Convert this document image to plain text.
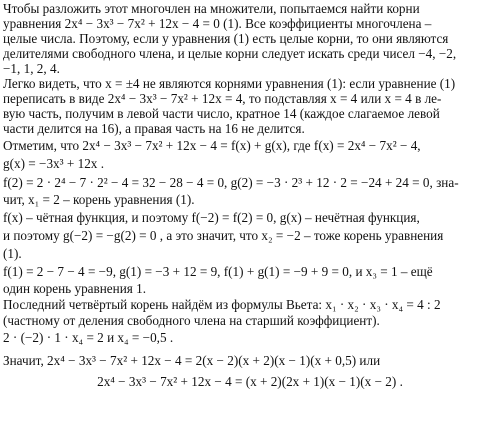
Чтобы разложить этот многочлен на множители, попытаемся найти корни
уравнения 2x⁴ − 3x³ − 7x² + 12x − 4 = 0 (1). Все коэффициенты многочлена –
целые числа. Поэтому, если у уравнения (1) есть целые корни, то они являются
делителями свободного члена, и целые корни следует искать среди чисел −4, −2,
−1, 1, 2, 4.
Легко видеть, что x = ±4 не являются корнями уравнения (1): если уравнение (1)
переписать в виде 2x⁴ − 3x³ − 7x² + 12x = 4, то подставляя x = 4 или x = 4 в ле-
вую часть, получим в левой части число, кратное 14 (каждое слагаемое левой
части делится на 16), а правая часть на 16 не делится.
Отметим, что 2x⁴ − 3x³ − 7x² + 12x − 4 = f(x) + g(x), где f(x) = 2x⁴ − 7x² − 4,
g(x) = −3x³ + 12x .
f(2) = 2 · 2⁴ − 7 · 2² − 4 = 32 − 28 − 4 = 0, g(2) = −3 · 2³ + 12 · 2 = −24 + 24 = 0, зна-
чит, x₁ = 2 – корень уравнения (1).
f(x) – чётная функция, и поэтому f(−2) = f(2) = 0, g(x) – нечётная функция,
и поэтому g(−2) = −g(2) = 0 , а это значит, что x₂ = −2 – тоже корень уравнения
(1).
f(1) = 2 − 7 − 4 = −9, g(1) = −3 + 12 = 9, f(1) + g(1) = −9 + 9 = 0, и x₃ = 1 – ещё
один корень уравнения 1.
Последний четвёртый корень найдём из формулы Вьета: x₁ · x₂ · x₃ · x₄ = 4 : 2
(частному от деления свободного члена на старший коэффициент).
2 · (−2) · 1 · x₄ = 2 и x₄ = −0,5 .
Значит, 2x⁴ − 3x³ − 7x² + 12x − 4 = 2(x − 2)(x + 2)(x − 1)(x + 0,5) или
2x⁴ − 3x³ − 7x² + 12x − 4 = (x + 2)(2x + 1)(x − 1)(x − 2) .
